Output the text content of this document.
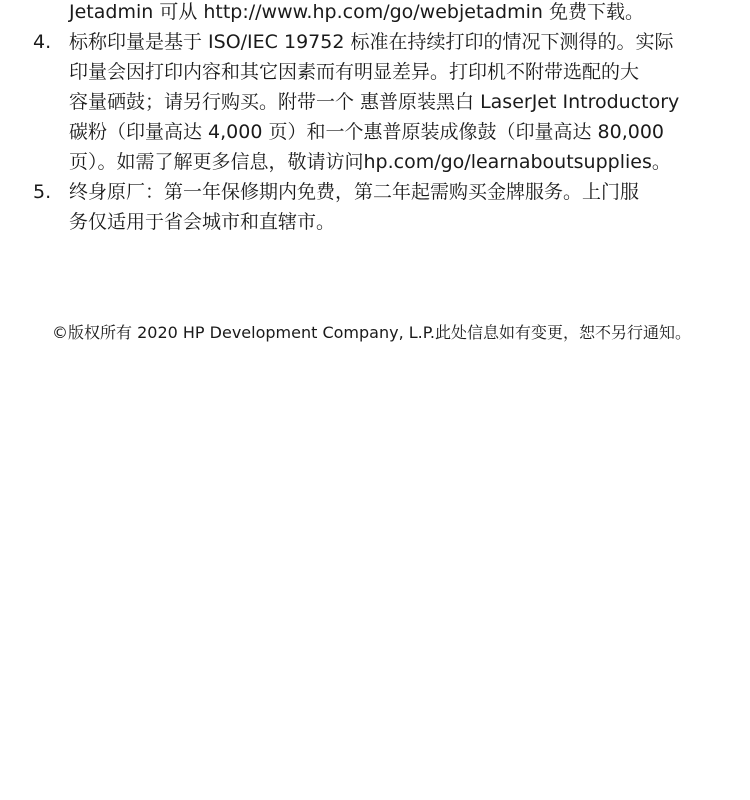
Jetadmin 可从 http://www.hp.com/go/webjetadmin 免费下载。
4. 标称印量是基于 ISO/IEC 19752 标准在持续打印的情况下测得的。实际
印量会因打印内容和其它因素而有明显差异。打印机不附带选配的大
容量硒鼓；请另行购买。附带一个 惠普原装黑白 LaserJet Introductory
碳粉（印量高达 4,000 页）和一个惠普原装成像鼓（印量高达 80,000
页）。如需了解更多信息，敬请访问hp.com/go/learnaboutsupplies。
5. 终身原厂：第一年保修期内免费，第二年起需购买金牌服务。上门服
务仅适用于省会城市和直辖市。
©版权所有 2020 HP Development Company, L.P.此处信息如有变更，恕不另行通知。
